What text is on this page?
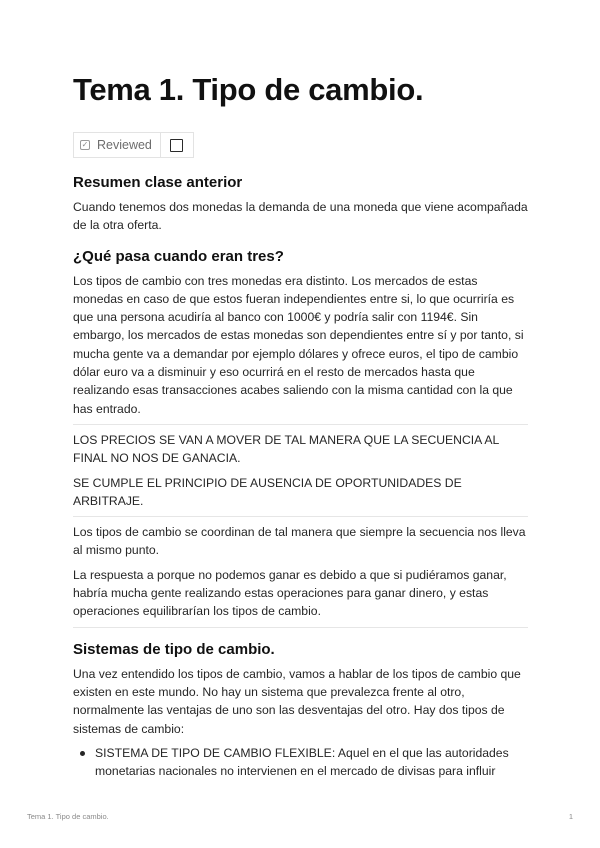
Tema 1. Tipo de cambio.
✓ Reviewed
Resumen clase anterior

Cuando tenemos dos monedas la demanda de una moneda que viene acompañada de la otra oferta.

¿Qué pasa cuando eran tres?

Los tipos de cambio con tres monedas era distinto. Los mercados de estas monedas en caso de que estos fueran independientes entre si, lo que ocurriría es que una persona acudiría al banco con 1000€ y podría salir con 1194€. Sin embargo, los mercados de estas monedas son dependientes entre sí y por tanto, si mucha gente va a demandar por ejemplo dólares y ofrece euros, el tipo de cambio dólar euro va a disminuir y eso ocurrirá en el resto de mercados hasta que realizando esas transacciones acabes saliendo con la misma cantidad con la que has entrado.

LOS PRECIOS SE VAN A MOVER DE TAL MANERA QUE LA SECUENCIA AL FINAL NO NOS DE GANACIA.

SE CUMPLE EL PRINCIPIO DE AUSENCIA DE OPORTUNIDADES DE ARBITRAJE.

Los tipos de cambio se coordinan de tal manera que siempre la secuencia nos lleva al mismo punto.

La respuesta a porque no podemos ganar es debido a que si pudiéramos ganar, habría mucha gente realizando estas operaciones para ganar dinero, y estas operaciones equilibrarían los tipos de cambio.

Sistemas de tipo de cambio.

Una vez entendido los tipos de cambio, vamos a hablar de los tipos de cambio que existen en este mundo. No hay un sistema que prevalezca frente al otro, normalmente las ventajas de uno son las desventajas del otro. Hay dos tipos de sistemas de cambio:

SISTEMA DE TIPO DE CAMBIO FLEXIBLE: Aquel en el que las autoridades monetarias nacionales no intervienen en el mercado de divisas para influir
Tema 1. Tipo de cambio.	1
